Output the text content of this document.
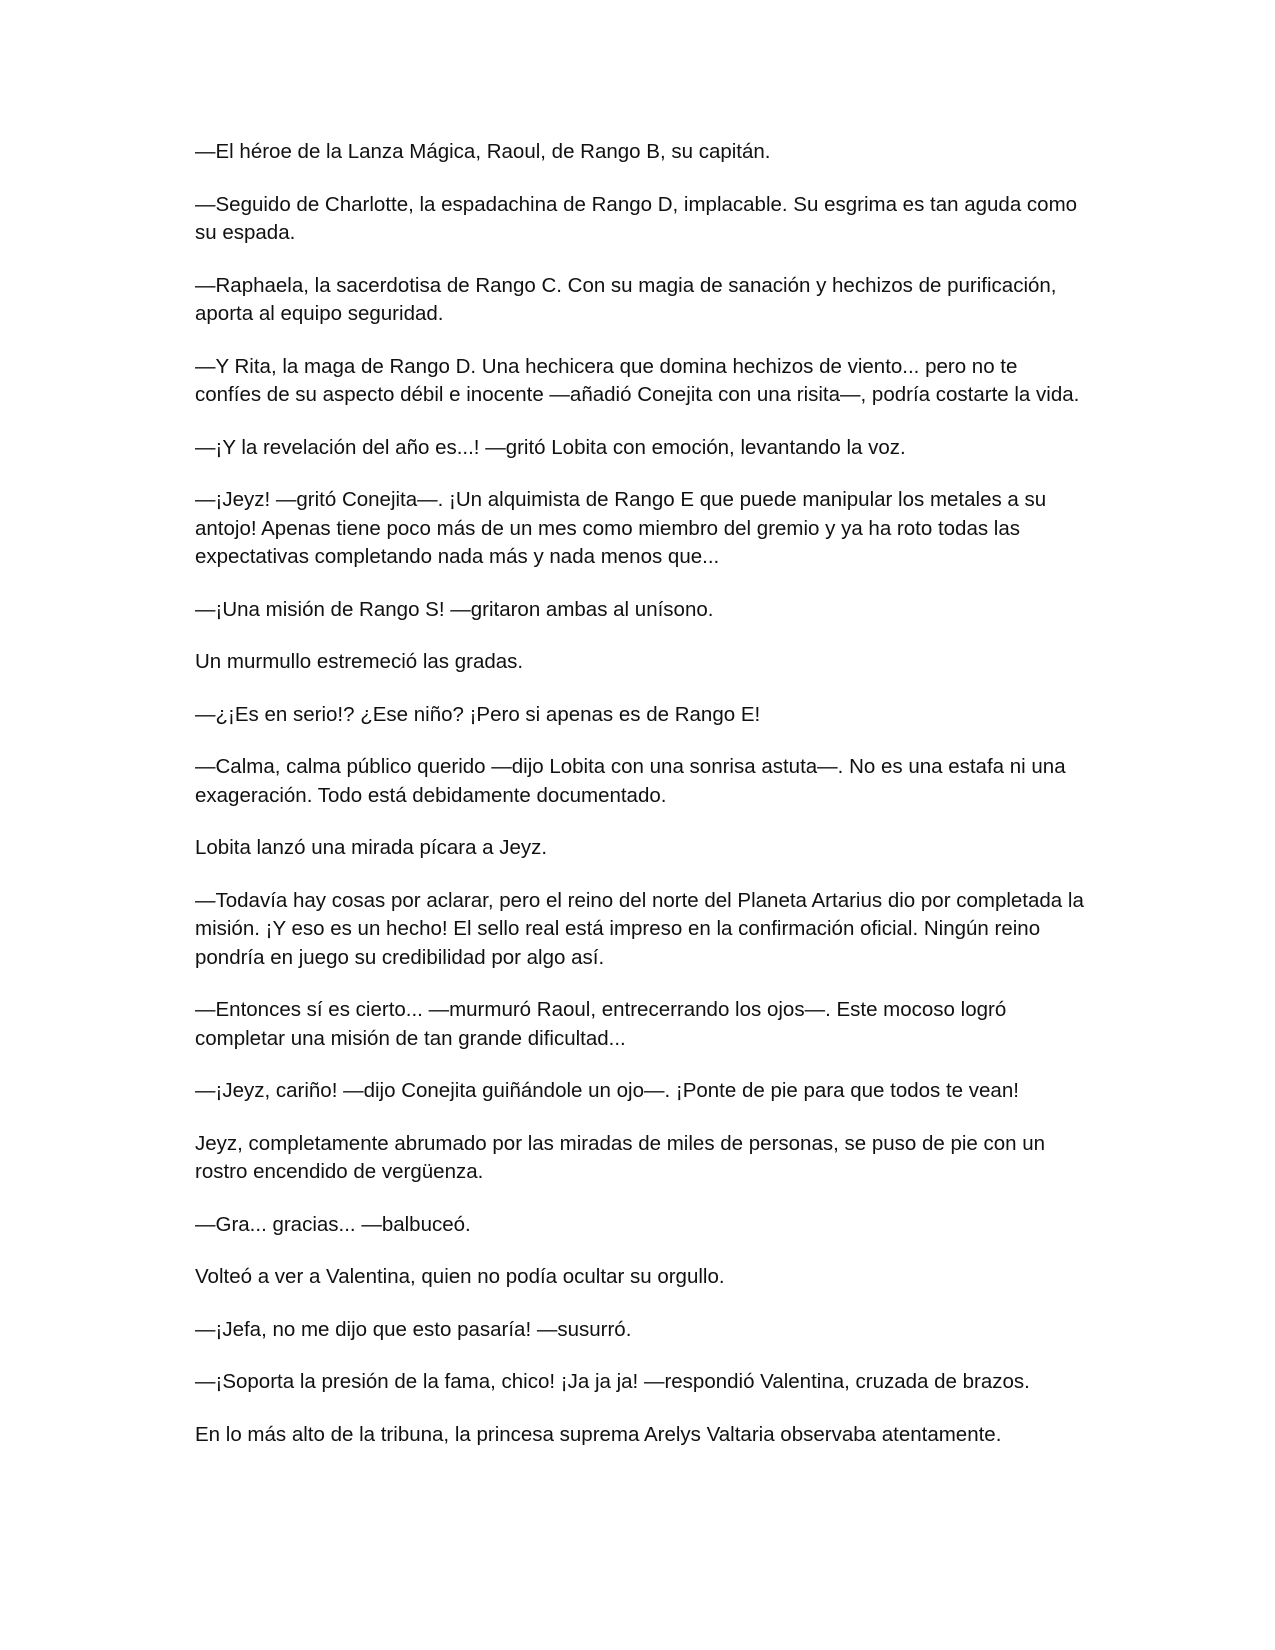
—El héroe de la Lanza Mágica, Raoul, de Rango B, su capitán.

—Seguido de Charlotte, la espadachina de Rango D, implacable. Su esgrima es tan aguda como su espada.

—Raphaela, la sacerdotisa de Rango C. Con su magia de sanación y hechizos de purificación, aporta al equipo seguridad.

—Y Rita, la maga de Rango D. Una hechicera que domina hechizos de viento... pero no te confíes de su aspecto débil e inocente —añadió Conejita con una risita—, podría costarte la vida.

—¡Y la revelación del año es...! —gritó Lobita con emoción, levantando la voz.

—¡Jeyz! —gritó Conejita—. ¡Un alquimista de Rango E que puede manipular los metales a su antojo! Apenas tiene poco más de un mes como miembro del gremio y ya ha roto todas las expectativas completando nada más y nada menos que...

—¡Una misión de Rango S! —gritaron ambas al unísono.

Un murmullo estremeció las gradas.

—¿¡Es en serio!? ¿Ese niño? ¡Pero si apenas es de Rango E!

—Calma, calma público querido —dijo Lobita con una sonrisa astuta—. No es una estafa ni una exageración. Todo está debidamente documentado.

Lobita lanzó una mirada pícara a Jeyz.

—Todavía hay cosas por aclarar, pero el reino del norte del Planeta Artarius dio por completada la misión. ¡Y eso es un hecho! El sello real está impreso en la confirmación oficial. Ningún reino pondría en juego su credibilidad por algo así.

—Entonces sí es cierto... —murmuró Raoul, entrecerrando los ojos—. Este mocoso logró completar una misión de tan grande dificultad...

—¡Jeyz, cariño! —dijo Conejita guiñándole un ojo—. ¡Ponte de pie para que todos te vean!

Jeyz, completamente abrumado por las miradas de miles de personas, se puso de pie con un rostro encendido de vergüenza.

—Gra... gracias... —balbuceó.

Volteó a ver a Valentina, quien no podía ocultar su orgullo.

—¡Jefa, no me dijo que esto pasaría! —susurró.

—¡Soporta la presión de la fama, chico! ¡Ja ja ja! —respondió Valentina, cruzada de brazos.

En lo más alto de la tribuna, la princesa suprema Arelys Valtaria observaba atentamente.
